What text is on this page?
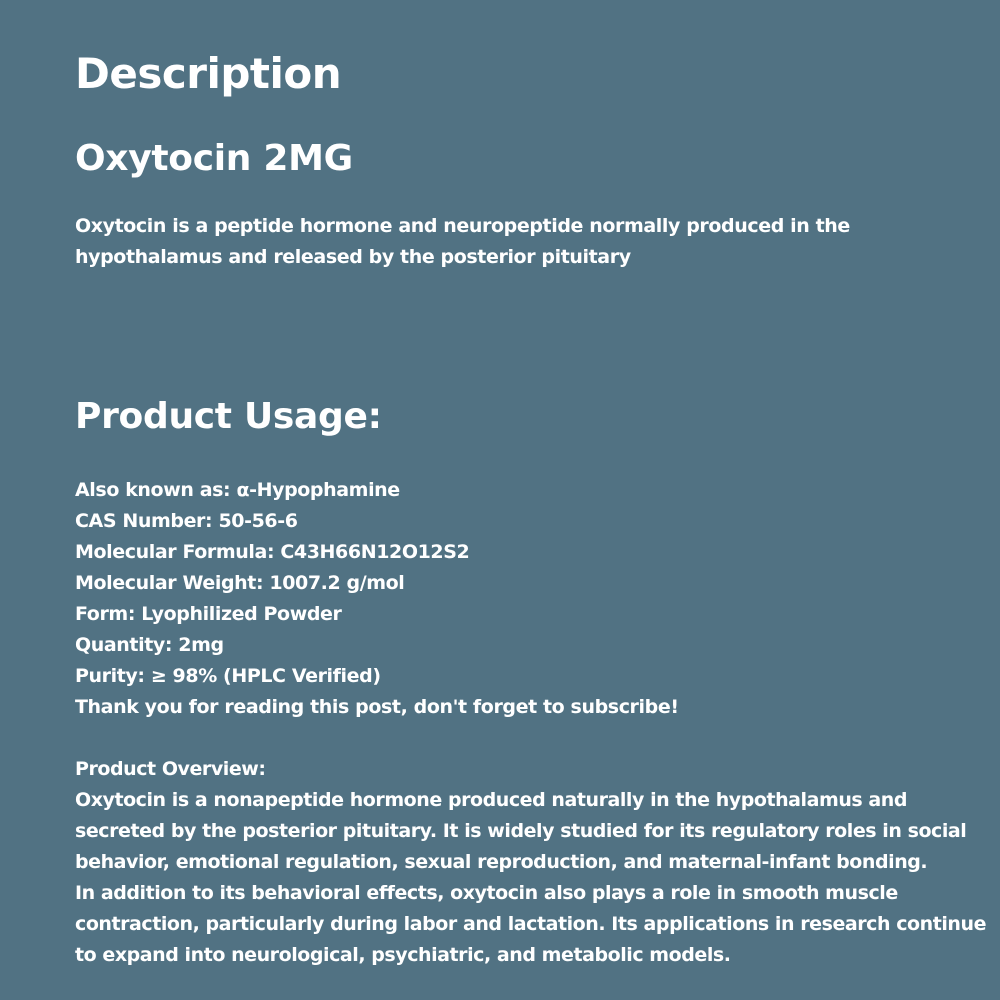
Description
Oxytocin 2MG

Oxytocin is a peptide hormone and neuropeptide normally produced in the hypothalamus and released by the posterior pituitary

Product Usage:
Also known as: α-Hypophamine
CAS Number: 50-56-6
Molecular Formula: C43H66N12O12S2
Molecular Weight: 1007.2 g/mol
Form: Lyophilized Powder
Quantity: 2mg
Purity: ≥ 98% (HPLC Verified)
Thank you for reading this post, don't forget to subscribe!
Product Overview:
Oxytocin is a nonapeptide hormone produced naturally in the hypothalamus and
secreted by the posterior pituitary. It is widely studied for its regulatory roles in social
behavior, emotional regulation, sexual reproduction, and maternal-infant bonding.
In addition to its behavioral effects, oxytocin also plays a role in smooth muscle
contraction, particularly during labor and lactation. Its applications in research continue
to expand into neurological, psychiatric, and metabolic models.
